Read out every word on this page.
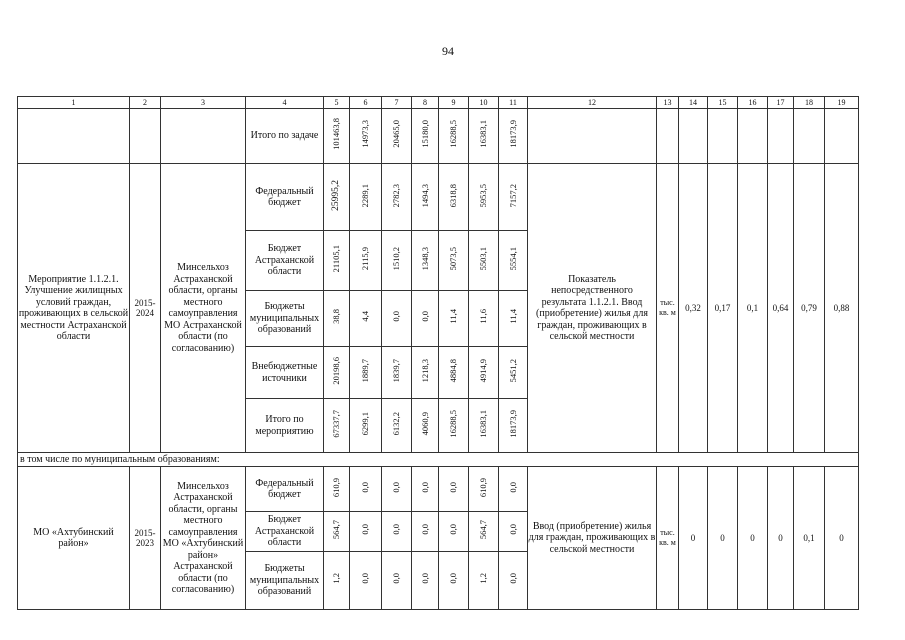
94
1	2	3	4	5	6	7	8	9	10	11	12	13	14	15	16	17	18	19
			Итого по задаче	101463,8	14973,3	20465,0	15180,0	16288,5	16383,1	18173,9								
Мероприятие 1.1.2.1. Улучшение жилищных условий граждан, проживающих в сельской местности Астраханской области	2015-2024	Минсельхоз Астраханской области, органы местного самоуправления МО Астраханской области (по согласованию)	Федеральный бюджет	25995,2	2289,1	2782,3	1494,3	6318,8	5953,5	7157,2	Показатель непосредственного результата 1.1.2.1. Ввод (приобретение) жилья для граждан, проживающих в сельской местности	тыс. кв. м	0,32	0,17	0,1	0,64	0,79	0,88
			Бюджет Астраханской области	21105,1	2115,9	1510,2	1348,3	5073,5	5503,1	5554,1								
			Бюджеты муниципальных образований	38,8	4,4	0,0	0,0	11,4	11,6	11,4								
			Внебюджетные источники	20198,6	1889,7	1839,7	1218,3	4884,8	4914,9	5451,2								
			Итого по мероприятию	67337,7	6299,1	6132,2	4060,9	16288,5	16383,1	18173,9								
в том числе по муниципальным образованиям:																		
МО «Ахтубинский район»	2015-2023	Минсельхоз Астраханской области, органы местного самоуправления МО «Ахтубинский район» Астраханской области (по согласованию)	Федеральный бюджет	610,9	0,0	0,0	0,0	0,0	610,9	0,0	Ввод (приобретение) жилья для граждан, проживающих в сельской местности	тыс. кв. м	0	0	0	0	0,1	0
			Бюджет Астраханской области	564,7	0,0	0,0	0,0	0,0	564,7	0,0								
			Бюджеты муниципальных образований	1,2	0,0	0,0	0,0	0,0	1,2	0,0								
